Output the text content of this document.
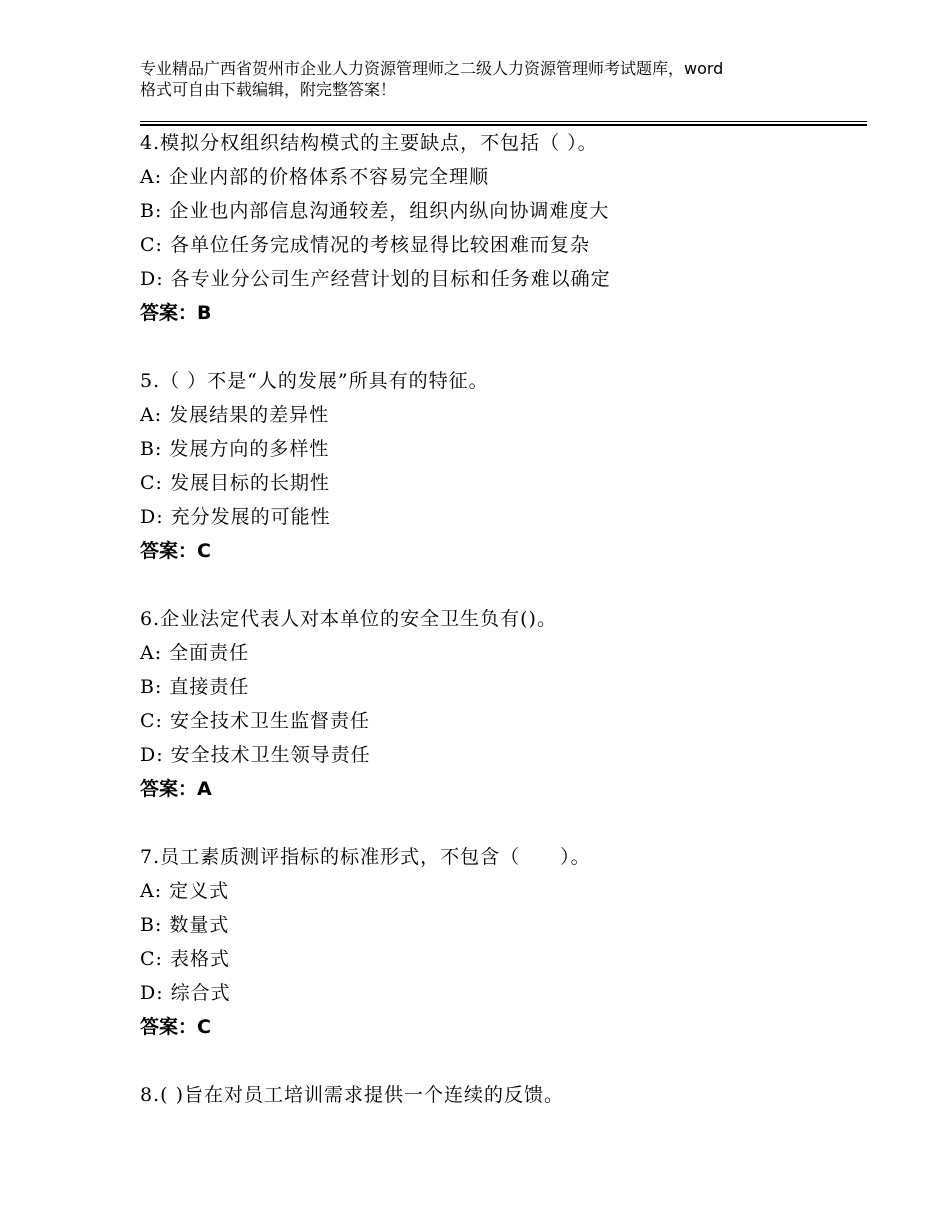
专业精品广西省贺州市企业人力资源管理师之二级人力资源管理师考试题库，word
格式可自由下载编辑，附完整答案！
4.模拟分权组织结构模式的主要缺点，不包括（ ）。
A: 企业内部的价格体系不容易完全理顺
B: 企业也内部信息沟通较差，组织内纵向协调难度大
C: 各单位任务完成情况的考核显得比较困难而复杂
D: 各专业分公司生产经营计划的目标和任务难以确定
答案：B
5.（ ）不是“人的发展”所具有的特征。
A: 发展结果的差异性
B: 发展方向的多样性
C: 发展目标的长期性
D: 充分发展的可能性
答案：C
6.企业法定代表人对本单位的安全卫生负有()。
A: 全面责任
B: 直接责任
C: 安全技术卫生监督责任
D: 安全技术卫生领导责任
答案：A
7.员工素质测评指标的标准形式，不包含（　　）。
A: 定义式
B: 数量式
C: 表格式
D: 综合式
答案：C
8.( )旨在对员工培训需求提供一个连续的反馈。
